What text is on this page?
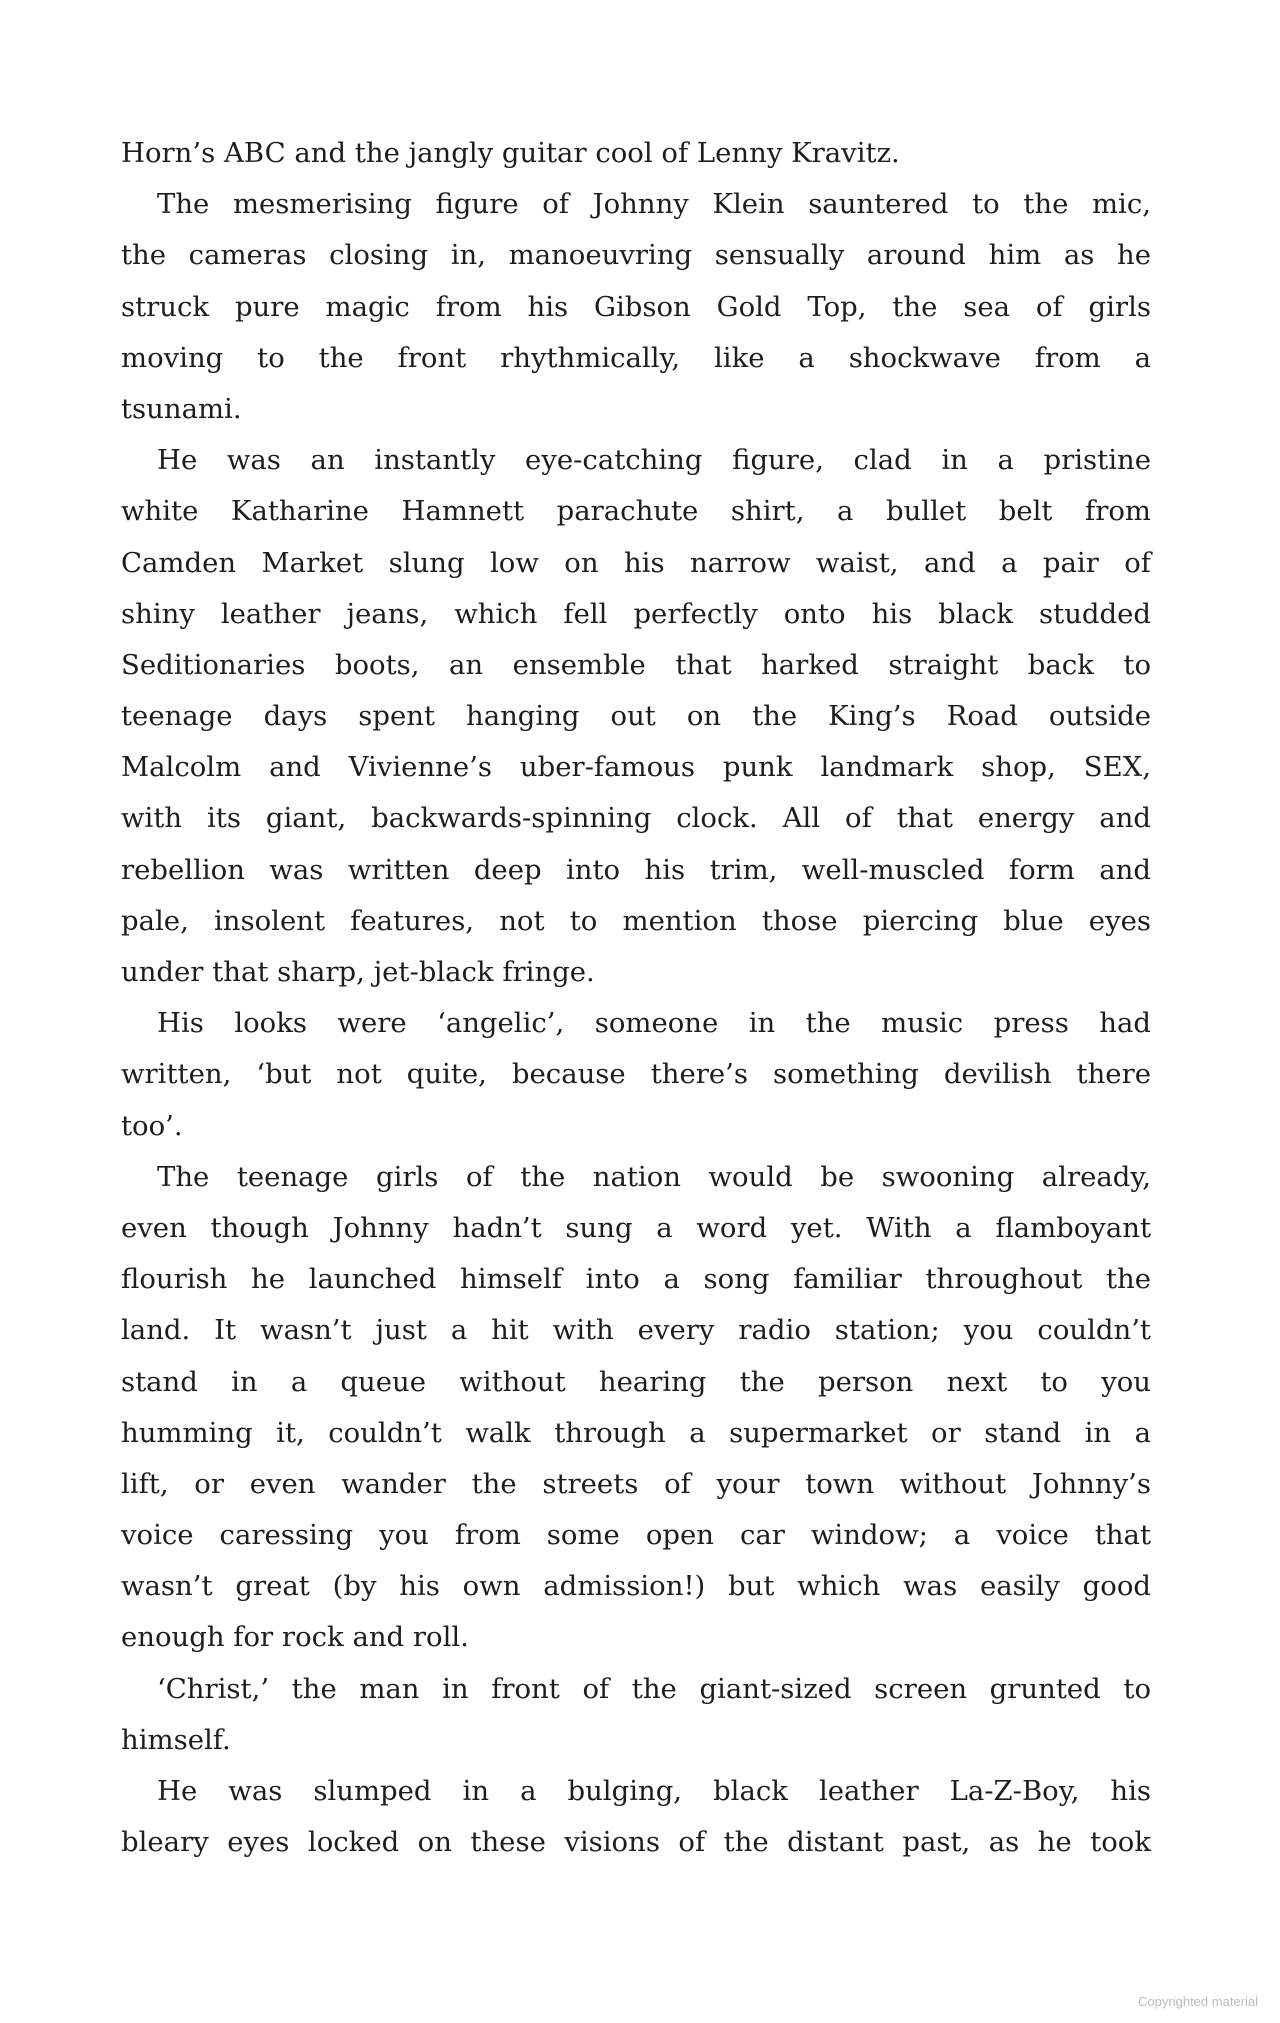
Horn’s ABC and the jangly guitar cool of Lenny Kravitz.
The mesmerising figure of Johnny Klein sauntered to the mic,
the cameras closing in, manoeuvring sensually around him as he
struck pure magic from his Gibson Gold Top, the sea of girls
moving to the front rhythmically, like a shockwave from a
tsunami.
He was an instantly eye-catching figure, clad in a pristine
white Katharine Hamnett parachute shirt, a bullet belt from
Camden Market slung low on his narrow waist, and a pair of
shiny leather jeans, which fell perfectly onto his black studded
Seditionaries boots, an ensemble that harked straight back to
teenage days spent hanging out on the King’s Road outside
Malcolm and Vivienne’s uber-famous punk landmark shop, SEX,
with its giant, backwards-spinning clock. All of that energy and
rebellion was written deep into his trim, well-muscled form and
pale, insolent features, not to mention those piercing blue eyes
under that sharp, jet-black fringe.
His looks were ‘angelic’, someone in the music press had
written, ‘but not quite, because there’s something devilish there
too’.
The teenage girls of the nation would be swooning already,
even though Johnny hadn’t sung a word yet. With a flamboyant
flourish he launched himself into a song familiar throughout the
land. It wasn’t just a hit with every radio station; you couldn’t
stand in a queue without hearing the person next to you
humming it, couldn’t walk through a supermarket or stand in a
lift, or even wander the streets of your town without Johnny’s
voice caressing you from some open car window; a voice that
wasn’t great (by his own admission!) but which was easily good
enough for rock and roll.
‘Christ,’ the man in front of the giant-sized screen grunted to
himself.
He was slumped in a bulging, black leather La-Z-Boy, his
bleary eyes locked on these visions of the distant past, as he took
Copyrighted material
